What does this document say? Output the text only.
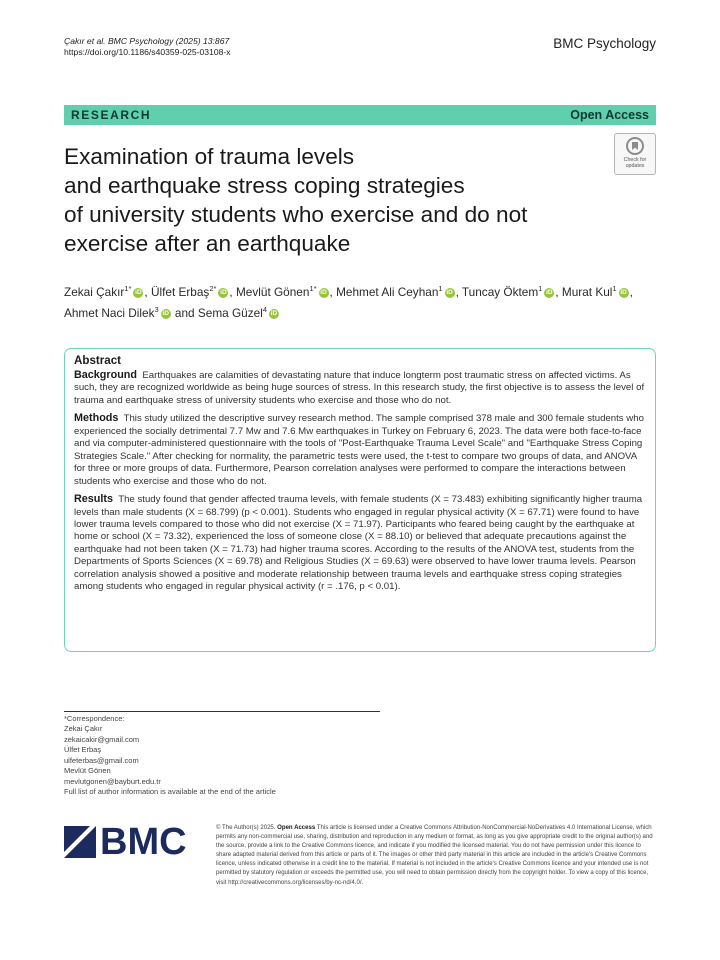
Çakır et al. BMC Psychology (2025) 13:867
https://doi.org/10.1186/s40359-025-03108-x
BMC Psychology
RESEARCH	Open Access
Check for updates
Examination of trauma levels
and earthquake stress coping strategies
of university students who exercise and do not
exercise after an earthquake
Zekai Çakır$^{1*}$ iD , Ülfet Erbaş$^{2*}$ iD , Mevlüt Gönen$^{1*}$ iD , Mehmet Ali Ceyhan$^1$ iD , Tuncay Öktem$^1$ iD , Murat Kul$^1$ iD ,
Ahmet Naci Dilek$^3$ iD and Sema Güzel$^4$ iD
Abstract

Background Earthquakes are calamities of devastating nature that induce longterm post traumatic stress on affected victims. As such, they are recognized worldwide as being huge sources of stress. In this research study, the first objective is to assess the level of trauma and earthquake stress of university students who exercise and those who do not.

Methods This study utilized the descriptive survey research method. The sample comprised 378 male and 300 female students who experienced the socially detrimental 7.7 Mw and 7.6 Mw earthquakes in Turkey on February 6, 2023. The data were both face-to-face and via computer-administered questionnaire with the tools of "Post-Earthquake Trauma Level Scale" and "Earthquake Stress Coping Strategies Scale." After checking for normality, the parametric tests were used, the t-test to compare two groups of data, and ANOVA for three or more groups of data. Furthermore, Pearson correlation analyses were performed to compare the interactions between students who exercise and those who do not.

Results The study found that gender affected trauma levels, with female students (X = 73.483) exhibiting significantly higher trauma levels than male students (X = 68.799) (p < 0.001). Students who engaged in regular physical activity (X = 67.71) were found to have lower trauma levels compared to those who did not exercise (X = 71.97). Participants who feared being caught by the earthquake at home or school (X = 73.32), experienced the loss of someone close (X = 88.10) or believed that adequate precautions against the earthquake had not been taken (X = 71.73) had higher trauma scores. According to the results of the ANOVA test, students from the Departments of Sports Sciences (X = 69.78) and Religious Studies (X = 69.63) were observed to have lower trauma levels. Pearson correlation analysis showed a positive and moderate relationship between trauma levels and earthquake stress coping strategies among students who engaged in regular physical activity (r = .176, p < 0.01).

*Correspondence:
Zekai Çakır
zekaicakir@gmail.com
Ülfet Erbaş
ulfeterbas@gmail.com
Mevlüt Gönen
mevlutgonen@bayburt.edu.tr
Full list of author information is available at the end of the article
BMC	© The Author(s) 2025. Open Access This article is licensed under a Creative Commons Attribution-NonCommercial-NoDerivatives 4.0 International License, which permits any non-commercial use, sharing, distribution and reproduction in any medium or format, as long as you give appropriate credit to the original author(s) and the source, provide a link to the Creative Commons licence, and indicate if you modified the licensed material. You do not have permission under this licence to share adapted material derived from this article or parts of it. The images or other third party material in this article are included in the article's Creative Commons licence, unless indicated otherwise in a credit line to the material. If material is not included in the article's Creative Commons licence and your intended use is not permitted by statutory regulation or exceeds the permitted use, you will need to obtain permission directly from the copyright holder. To view a copy of this licence, visit http://creativecommons.org/licenses/by-nc-nd/4.0/.
